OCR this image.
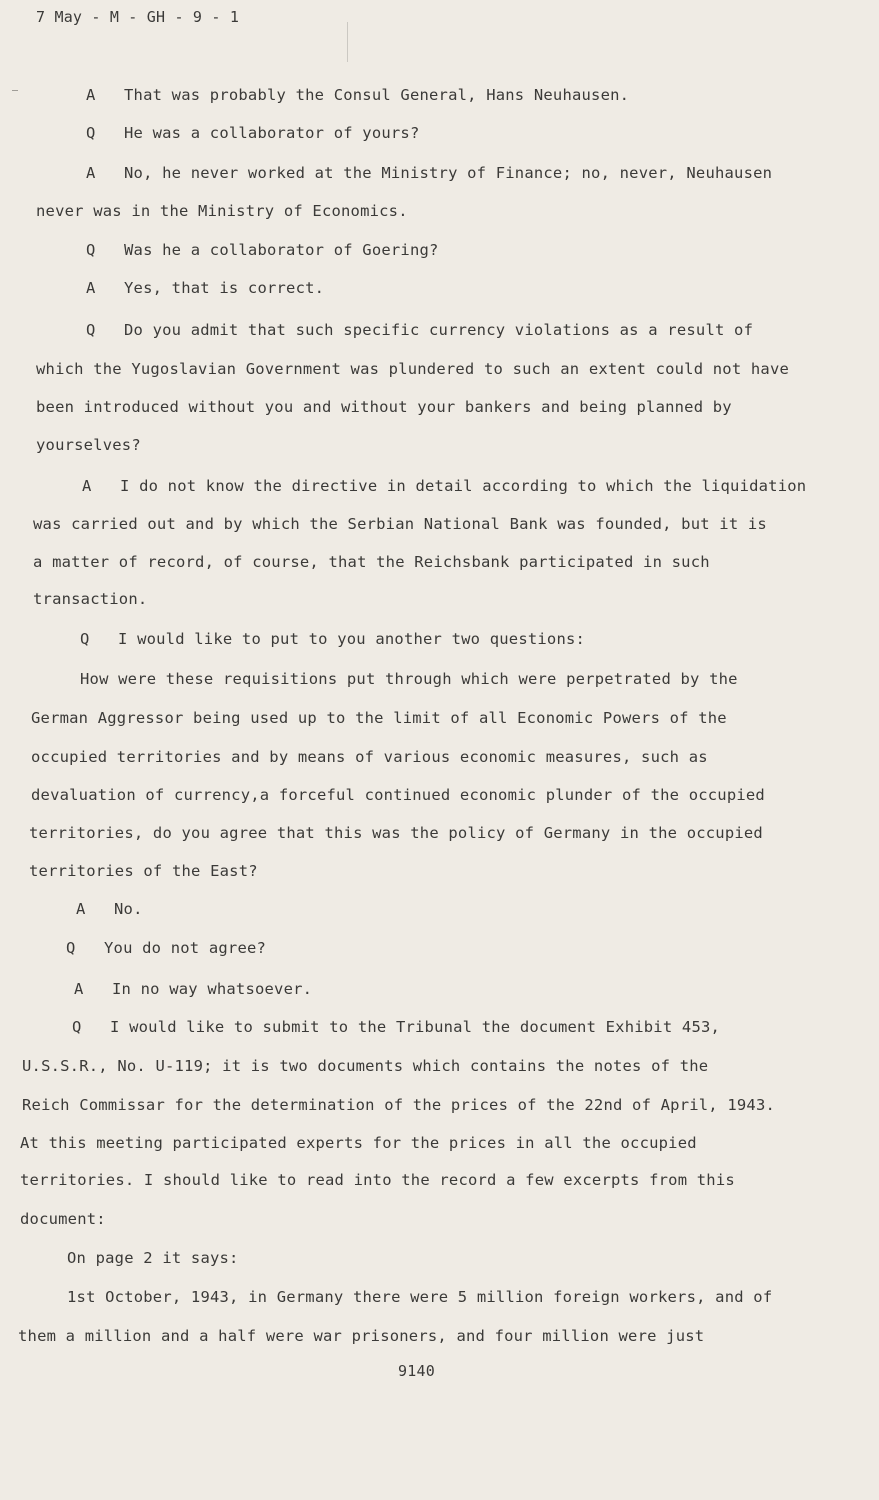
7 May - M - GH - 9 - 1
A That was probably the Consul General, Hans Neuhausen.
Q He was a collaborator of yours?
A No, he never worked at the Ministry of Finance; no, never, Neuhausen
never was in the Ministry of Economics.
Q Was he a collaborator of Goering?
A Yes, that is correct.
Q Do you admit that such specific currency violations as a result of
which the Yugoslavian Government was plundered to such an extent could not have
been introduced without you and without your bankers and being planned by
yourselves?
A I do not know the directive in detail according to which the liquidation
was carried out and by which the Serbian National Bank was founded, but it is
a matter of record, of course, that the Reichsbank participated in such
transaction.
Q I would like to put to you another two questions:
How were these requisitions put through which were perpetrated by the
German Aggressor being used up to the limit of all Economic Powers of the
occupied territories and by means of various economic measures, such as
devaluation of currency,a forceful continued economic plunder of the occupied
territories, do you agree that this was the policy of Germany in the occupied
territories of the East?
A No.
Q You do not agree?
A In no way whatsoever.
Q I would like to submit to the Tribunal the document Exhibit 453,
U.S.S.R., No. U-119; it is two documents which contains the notes of the
Reich Commissar for the determination of the prices of the 22nd of April, 1943.
At this meeting participated experts for the prices in all the occupied
territories. I should like to read into the record a few excerpts from this
document:
On page 2 it says:
1st October, 1943, in Germany there were 5 million foreign workers, and of
them a million and a half were war prisoners, and four million were just
9140
